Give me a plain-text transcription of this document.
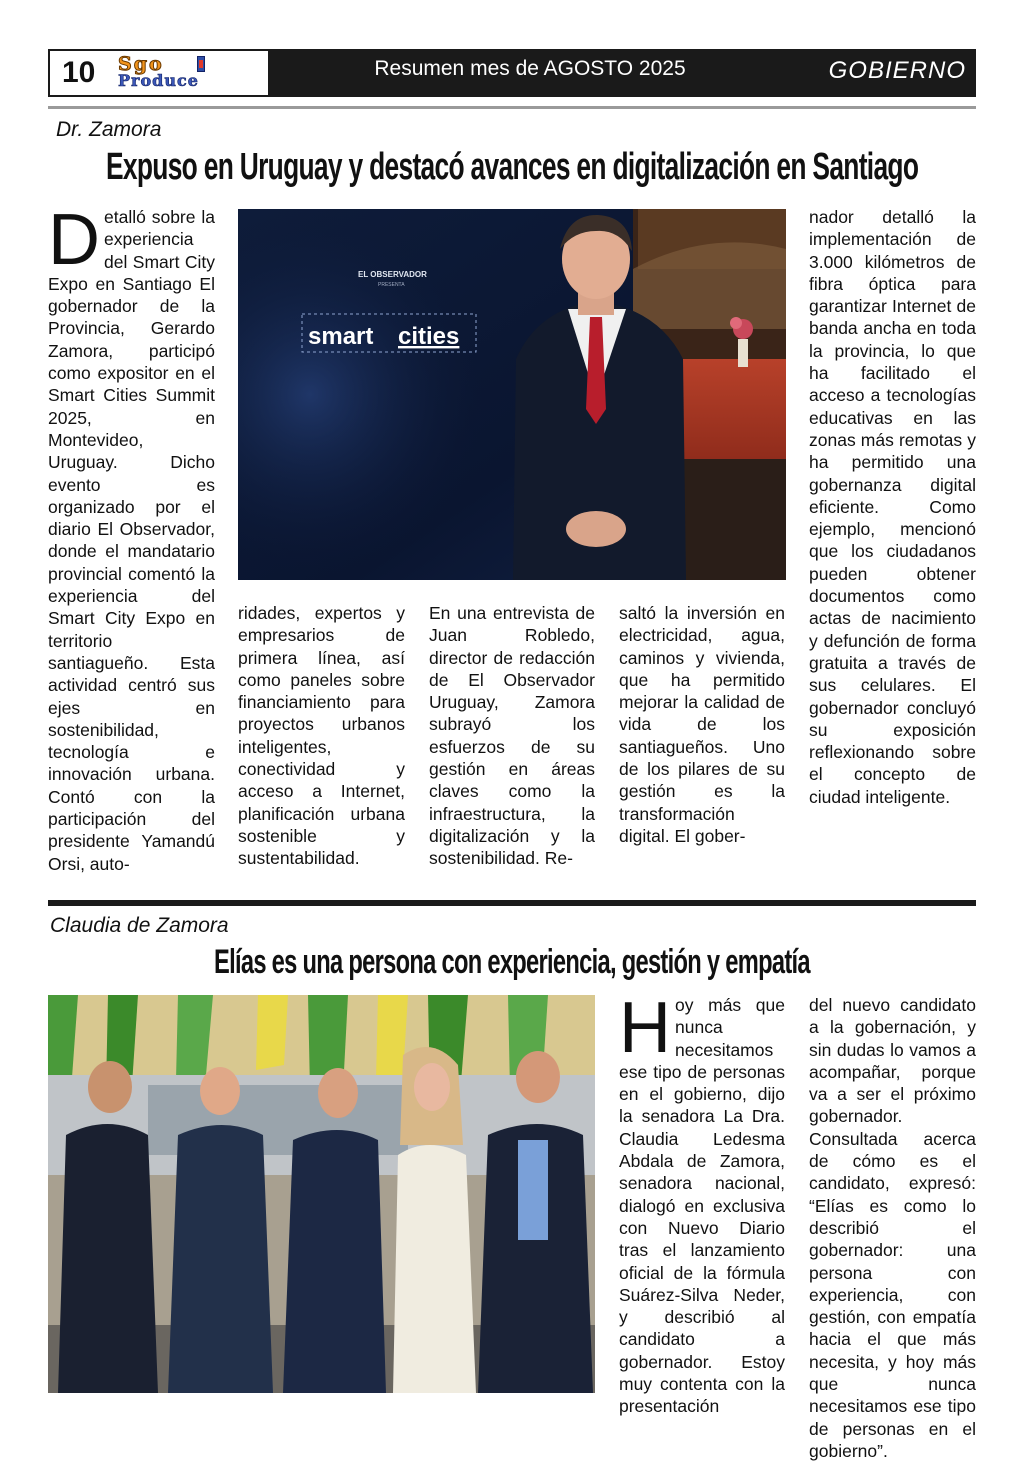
10 Sgo
Produce
Resumen mes de AGOSTO 2025	GOBIERNO
Dr. Zamora
Expuso en Uruguay y destacó avances en digitalización en Santiago
Detalló sobre la experiencia del Smart City Expo en Santiago El gobernador de la Provincia, Gerardo Zamora, participó como expositor en el Smart Cities Summit 2025, en Montevideo, Uruguay. Dicho evento es organizado por el diario El Observador, donde el mandatario provincial comentó la experiencia del Smart City Expo en territorio santiagueño. Esta actividad centró sus ejes en sostenibilidad, tecnología e innovación urbana. Contó con la participación del presidente Yamandú Orsi, auto-
EL OBSERVADOR
PRESENTA
smart cities
ridades, expertos y empresarios de primera línea, así como paneles sobre financiamiento para proyectos urbanos inteligentes, conectividad y acceso a Internet, planificación urbana sostenible y sustentabilidad.
En una entrevista de Juan Robledo, director de redacción de El Observador Uruguay, Zamora subrayó los esfuerzos de su gestión en áreas claves como la infraestructura, la digitalización y la sostenibilidad. Re-
saltó la inversión en electricidad, agua, caminos y vivienda, que ha permitido mejorar la calidad de vida de los santiagueños. Uno de los pilares de su gestión es la transformación digital. El gober-
nador detalló la implementación de 3.000 kilómetros de fibra óptica para garantizar Internet de banda ancha en toda la provincia, lo que ha facilitado el acceso a tecnologías educativas en las zonas más remotas y ha permitido una gobernanza digital eficiente. Como ejemplo, mencionó que los ciudadanos pueden obtener documentos como actas de nacimiento y defunción de forma gratuita a través de sus celulares. El gobernador concluyó su exposición reflexionando sobre el concepto de ciudad inteligente.
Claudia de Zamora
Elías es una persona con experiencia, gestión y empatía
Hoy más que nunca necesitamos ese tipo de personas en el gobierno, dijo la senadora La Dra. Claudia Ledesma Abdala de Zamora, senadora nacional, dialogó en exclusiva con Nuevo Diario tras el lanzamiento oficial de la fórmula Suárez-Silva Neder, y describió al candidato a gobernador. Estoy muy contenta con la presentación
del nuevo candidato a la gobernación, y sin dudas lo vamos a acompañar, porque va a ser el próximo gobernador. Consultada acerca de cómo es el candidato, expresó: “Elías es como lo describió el gobernador: una persona con experiencia, con gestión, con empatía hacia el que más necesita, y hoy más que nunca necesitamos ese tipo de personas en el gobierno”.
